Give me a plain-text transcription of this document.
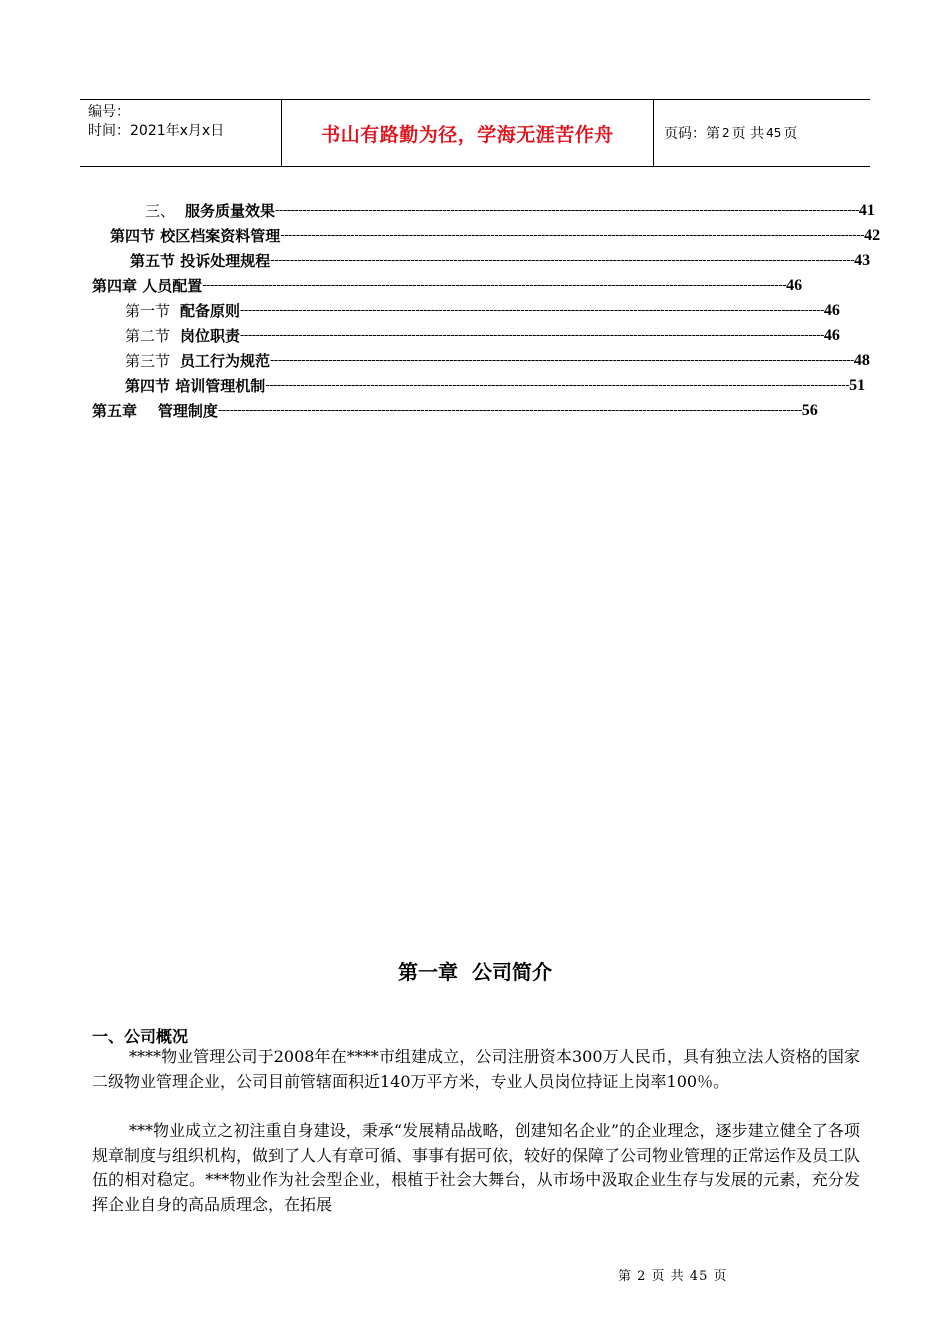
编号：
时间：2021年x月x日	书山有路勤为径，学海无涯苦作舟	页码：第 2 页 共 45 页
三、  服务质量效果 ------------------------------------------------------------------------------------------------------------------------------------------------------ 41
第四节 校区档案资料管理 ------------------------------------------------------------------------------------------------------------------------------------------------------ 42
第五节 投诉处理规程 ------------------------------------------------------------------------------------------------------------------------------------------------------ 43
第四章 人员配置 ------------------------------------------------------------------------------------------------------------------------------------------------------ 46
第一节  配备原则 ------------------------------------------------------------------------------------------------------------------------------------------------------ 46
第二节  岗位职责 ------------------------------------------------------------------------------------------------------------------------------------------------------ 46
第三节  员工行为规范 ------------------------------------------------------------------------------------------------------------------------------------------------------ 48
第四节 培训管理机制 ------------------------------------------------------------------------------------------------------------------------------------------------------ 51
第五章    管理制度 ------------------------------------------------------------------------------------------------------------------------------------------------------ 56
第一章  公司简介
一、公司概况
****物业管理公司于2008年在****市组建成立，公司注册资本300万人民币，具有独立法人资格的国家二级物业管理企业，公司目前管辖面积近140万平方米，专业人员岗位持证上岗率100％。
***物业成立之初注重自身建设，秉承“发展精品战略，创建知名企业”的企业理念，逐步建立健全了各项规章制度与组织机构，做到了人人有章可循、事事有据可依，较好的保障了公司物业管理的正常运作及员工队伍的相对稳定。***物业作为社会型企业，根植于社会大舞台，从市场中汲取企业生存与发展的元素，充分发挥企业自身的高品质理念，在拓展
第 2 页 共 45 页
